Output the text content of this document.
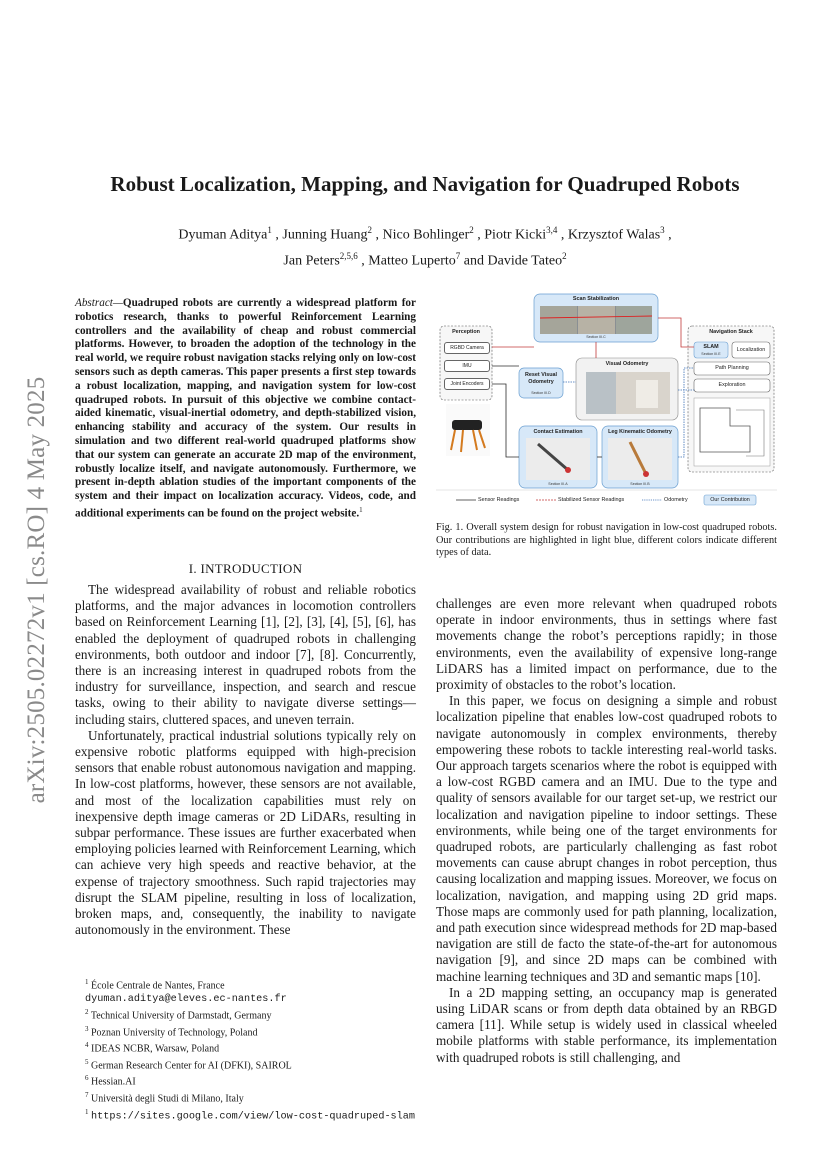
arXiv:2505.02272v1 [cs.RO] 4 May 2025
Robust Localization, Mapping, and Navigation for Quadruped Robots
Dyuman Aditya$^1$ , Junning Huang$^2$ , Nico Bohlinger$^2$ , Piotr Kicki$^{3,4}$ , Krzysztof Walas$^3$ ,
Jan Peters$^{2,5,6}$ , Matteo Luperto$^7$ and Davide Tateo$^2$
Abstract—Quadruped robots are currently a widespread platform for robotics research, thanks to powerful Reinforcement Learning controllers and the availability of cheap and robust commercial platforms. However, to broaden the adoption of the technology in the real world, we require robust navigation stacks relying only on low-cost sensors such as depth cameras. This paper presents a first step towards a robust localization, mapping, and navigation system for low-cost quadruped robots. In pursuit of this objective we combine contact-aided kinematic, visual-inertial odometry, and depth-stabilized vision, enhancing stability and accuracy of the system. Our results in simulation and two different real-world quadruped platforms show that our system can generate an accurate 2D map of the environment, robustly localize itself, and navigate autonomously. Furthermore, we present in-depth ablation studies of the important components of the system and their impact on localization accuracy. Videos, code, and additional experiments can be found on the project website.$^1$
I. INTRODUCTION

The widespread availability of robust and reliable robotics platforms, and the major advances in locomotion controllers based on Reinforcement Learning [1], [2], [3], [4], [5], [6], has enabled the deployment of quadruped robots in challenging environments, both outdoor and indoor [7], [8]. Concurrently, there is an increasing interest in quadruped robots from the industry for surveillance, inspection, and search and rescue tasks, owing to their ability to navigate diverse settings—including stairs, cluttered spaces, and uneven terrain.

Unfortunately, practical industrial solutions typically rely on expensive robotic platforms equipped with high-precision sensors that enable robust autonomous navigation and mapping. In low-cost platforms, however, these sensors are not available, and most of the localization capabilities must rely on inexpensive depth image cameras or 2D LiDARs, resulting in subpar performance. These issues are further exacerbated when employing policies learned with Reinforcement Learning, which can achieve very high speeds and reactive behavior, at the expense of trajectory smoothness. Such rapid trajectories may disrupt the SLAM pipeline, resulting in loss of localization, broken maps, and, consequently, the inability to navigate autonomously in the environment. These

$^1$ École Centrale de Nantes, France
dyuman.aditya@eleves.ec-nantes.fr
$^2$ Technical University of Darmstadt, Germany
$^3$ Poznan University of Technology, Poland
$^4$ IDEAS NCBR, Warsaw, Poland
$^5$ German Research Center for AI (DFKI), SAIROL
$^6$ Hessian.AI
$^7$ Università degli Studi di Milano, Italy
$^1$ https://sites.google.com/view/low-cost-quadruped-slam
Scan Stabilization
Section III.C
Perception
RGBD Camera
IMU
Joint Encoders
Reset Visual Odometry
Section III.D
Visual Odometry
Contact Estimation
Section III.A
Leg Kinematic Odometry
Section III.B
Navigation Stack
SLAM
Section III.E
Localization
Path Planning
Exploration
Sensor Readings	Stabilized Sensor Readings	Odometry	Our Contribution
Fig. 1. Overall system design for robust navigation in low-cost quadruped robots. Our contributions are highlighted in light blue, different colors indicate different types of data.

challenges are even more relevant when quadruped robots operate in indoor environments, thus in settings where fast movements change the robot’s perceptions rapidly; in those environments, even the availability of expensive long-range LiDARS has a limited impact on performance, due to the proximity of obstacles to the robot’s location.

In this paper, we focus on designing a simple and robust localization pipeline that enables low-cost quadruped robots to navigate autonomously in complex environments, thereby empowering these robots to tackle interesting real-world tasks. Our approach targets scenarios where the robot is equipped with a low-cost RGBD camera and an IMU. Due to the type and quality of sensors available for our target set-up, we restrict our localization and navigation pipeline to indoor settings. These environments, while being one of the target environments for quadruped robots, are particularly challenging as fast robot movements can cause abrupt changes in robot perception, thus causing localization and mapping issues. Moreover, we focus on localization, navigation, and mapping using 2D grid maps. Those maps are commonly used for path planning, localization, and path execution since widespread methods for 2D map-based navigation are still de facto the state-of-the-art for autonomous navigation [9], and since 2D maps can be combined with machine learning techniques and 3D and semantic maps [10].

In a 2D mapping setting, an occupancy map is generated using LiDAR scans or from depth data obtained by an RBGD camera [11]. While setup is widely used in classical wheeled mobile platforms with stable performance, its implementation with quadruped robots is still challenging, and
